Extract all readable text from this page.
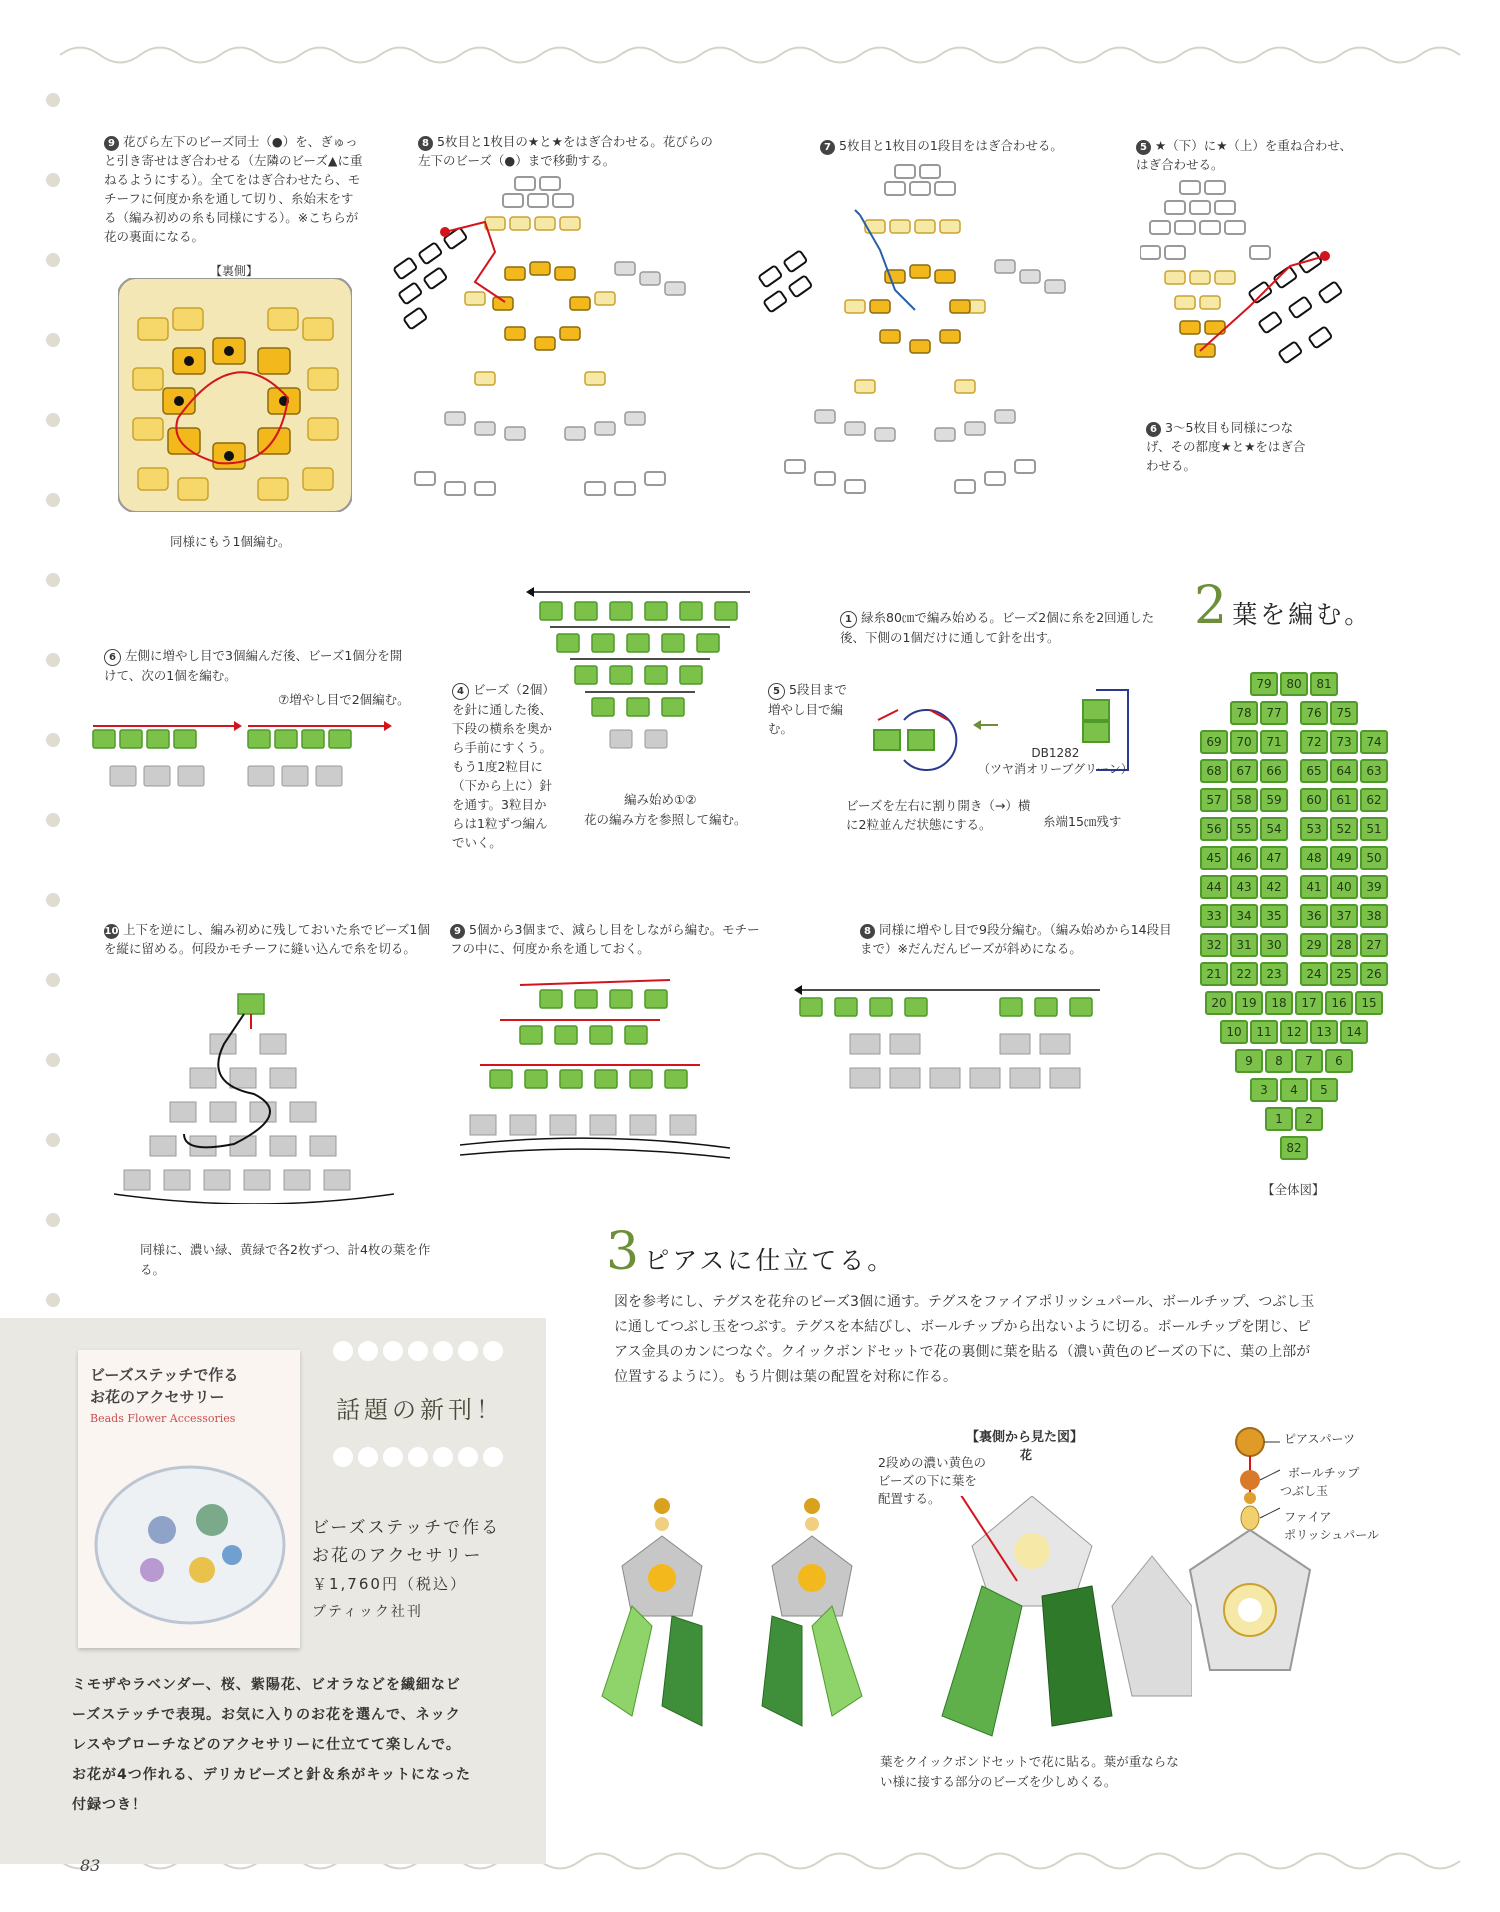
9 花びら左下のビーズ同士（●）を、ぎゅっと引き寄せはぎ合わせる（左隣のビーズ▲に重ねるようにする）。全てをはぎ合わせたら、モチーフに何度か糸を通して切り、糸始末をする（編み初めの糸も同様にする）。※こちらが花の裏面になる。
【裏側】
同様にもう1個編む。
8 5枚目と1枚目の★と★をはぎ合わせる。花びらの左下のビーズ（●）まで移動する。
7 5枚目と1枚目の1段目をはぎ合わせる。	5 ★（下）に★（上）を重ね合わせ、はぎ合わせる。
6 3～5枚目も同様につなげ、その都度★と★をはぎ合わせる。
2 葉を編む。
1 緑糸80㎝で編み始める。ビーズ2個に糸を2回通した後、下側の1個だけに通して針を出す。
DB1282
（ツヤ消オリーブグリーン）
ビーズを左右に割り開き（→）横に2粒並んだ状態にする。	糸端15㎝残す
4 ビーズ（2個）を針に通した後、下段の横糸を奥から手前にすくう。もう1度2粒目に（下から上に）針を通す。3粒目からは1粒ずつ編んでいく。
5 5段目まで増やし目で編む。
編み始め①②
花の編み方を参照して編む。
6 左側に増やし目で3個編んだ後、ビーズ1個分を開けて、次の1個を編む。
⑦増やし目で2個編む。
79	80	81
78	77	76	75
69	70	71	72	73	74
68	67	66	65	64	63
57	58	59	60	61	62
56	55	54	53	52	51
45	46	47	48	49	50
44	43	42	41	40	39
33	34	35	36	37	38
32	31	30	29	28	27
21	22	23	24	25	26
20	19	18	17	16	15
10	11	12	13	14
9	8	7	6
3	4	5
1	2
82
【全体図】
10 上下を逆にし、編み初めに残しておいた糸でビーズ1個を縦に留める。何段かモチーフに縫い込んで糸を切る。
同様に、濃い緑、黄緑で各2枚ずつ、計4枚の葉を作る。
9 5個から3個まで、減らし目をしながら編む。モチーフの中に、何度か糸を通しておく。
8 同様に増やし目で9段分編む。（編み始めから14段目まで）※だんだんビーズが斜めになる。
3 ピアスに仕立てる。
図を参考にし、テグスを花弁のビーズ3個に通す。テグスをファイアポリッシュパール、ボールチップ、つぶし玉に通してつぶし玉をつぶす。テグスを本結びし、ボールチップから出ないように切る。ボールチップを閉じ、ピアス金具のカンにつなぐ。クイックボンドセットで花の裏側に葉を貼る（濃い黄色のビーズの下に、葉の上部が位置するように）。もう片側は葉の配置を対称に作る。
【裏側から見た図】
花
2段めの濃い黄色のビーズの下に葉を配置する。
ピアスパーツ
ボールチップ
つぶし玉
ファイア
ポリッシュパール
葉をクイックボンドセットで花に貼る。葉が重ならない様に接する部分のビーズを少しめくる。
話題の新刊！
ビーズステッチで作る
お花のアクセサリー
￥1,760円（税込）
ブティック社刊
ミモザやラベンダー、桜、紫陽花、ビオラなどを繊細なビーズステッチで表現。お気に入りのお花を選んで、ネックレスやブローチなどのアクセサリーに仕立てて楽しんで。お花が4つ作れる、デリカビーズと針＆糸がキットになった付録つき！
ビーズステッチで作る
お花のアクセサリー
Beads Flower Accessories
83
